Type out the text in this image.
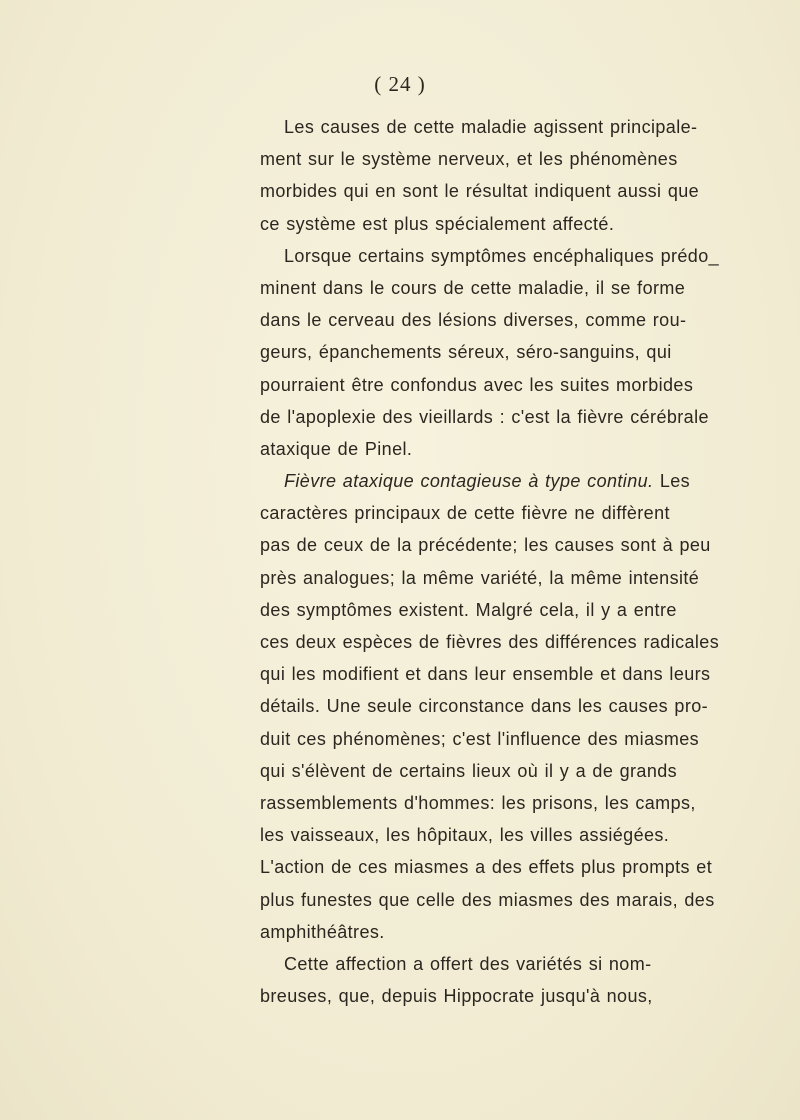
( 24 )
Les causes de cette maladie agissent principale-
ment sur le système nerveux, et les phénomènes
morbides qui en sont le résultat indiquent aussi que
ce système est plus spécialement affecté.
Lorsque certains symptômes encéphaliques prédo_
minent dans le cours de cette maladie, il se forme
dans le cerveau des lésions diverses, comme rou-
geurs, épanchements séreux, séro-sanguins, qui
pourraient être confondus avec les suites morbides
de l'apoplexie des vieillards : c'est la fièvre cérébrale
ataxique de Pinel.
Fièvre ataxique contagieuse à type continu. Les
caractères principaux de cette fièvre ne diffèrent
pas de ceux de la précédente; les causes sont à peu
près analogues; la même variété, la même intensité
des symptômes existent. Malgré cela, il y a entre
ces deux espèces de fièvres des différences radicales
qui les modifient et dans leur ensemble et dans leurs
détails. Une seule circonstance dans les causes pro-
duit ces phénomènes; c'est l'influence des miasmes
qui s'élèvent de certains lieux où il y a de grands
rassemblements d'hommes: les prisons, les camps,
les vaisseaux, les hôpitaux, les villes assiégées.
L'action de ces miasmes a des effets plus prompts et
plus funestes que celle des miasmes des marais, des
amphithéâtres.
Cette affection a offert des variétés si nom-
breuses, que, depuis Hippocrate jusqu'à nous,
